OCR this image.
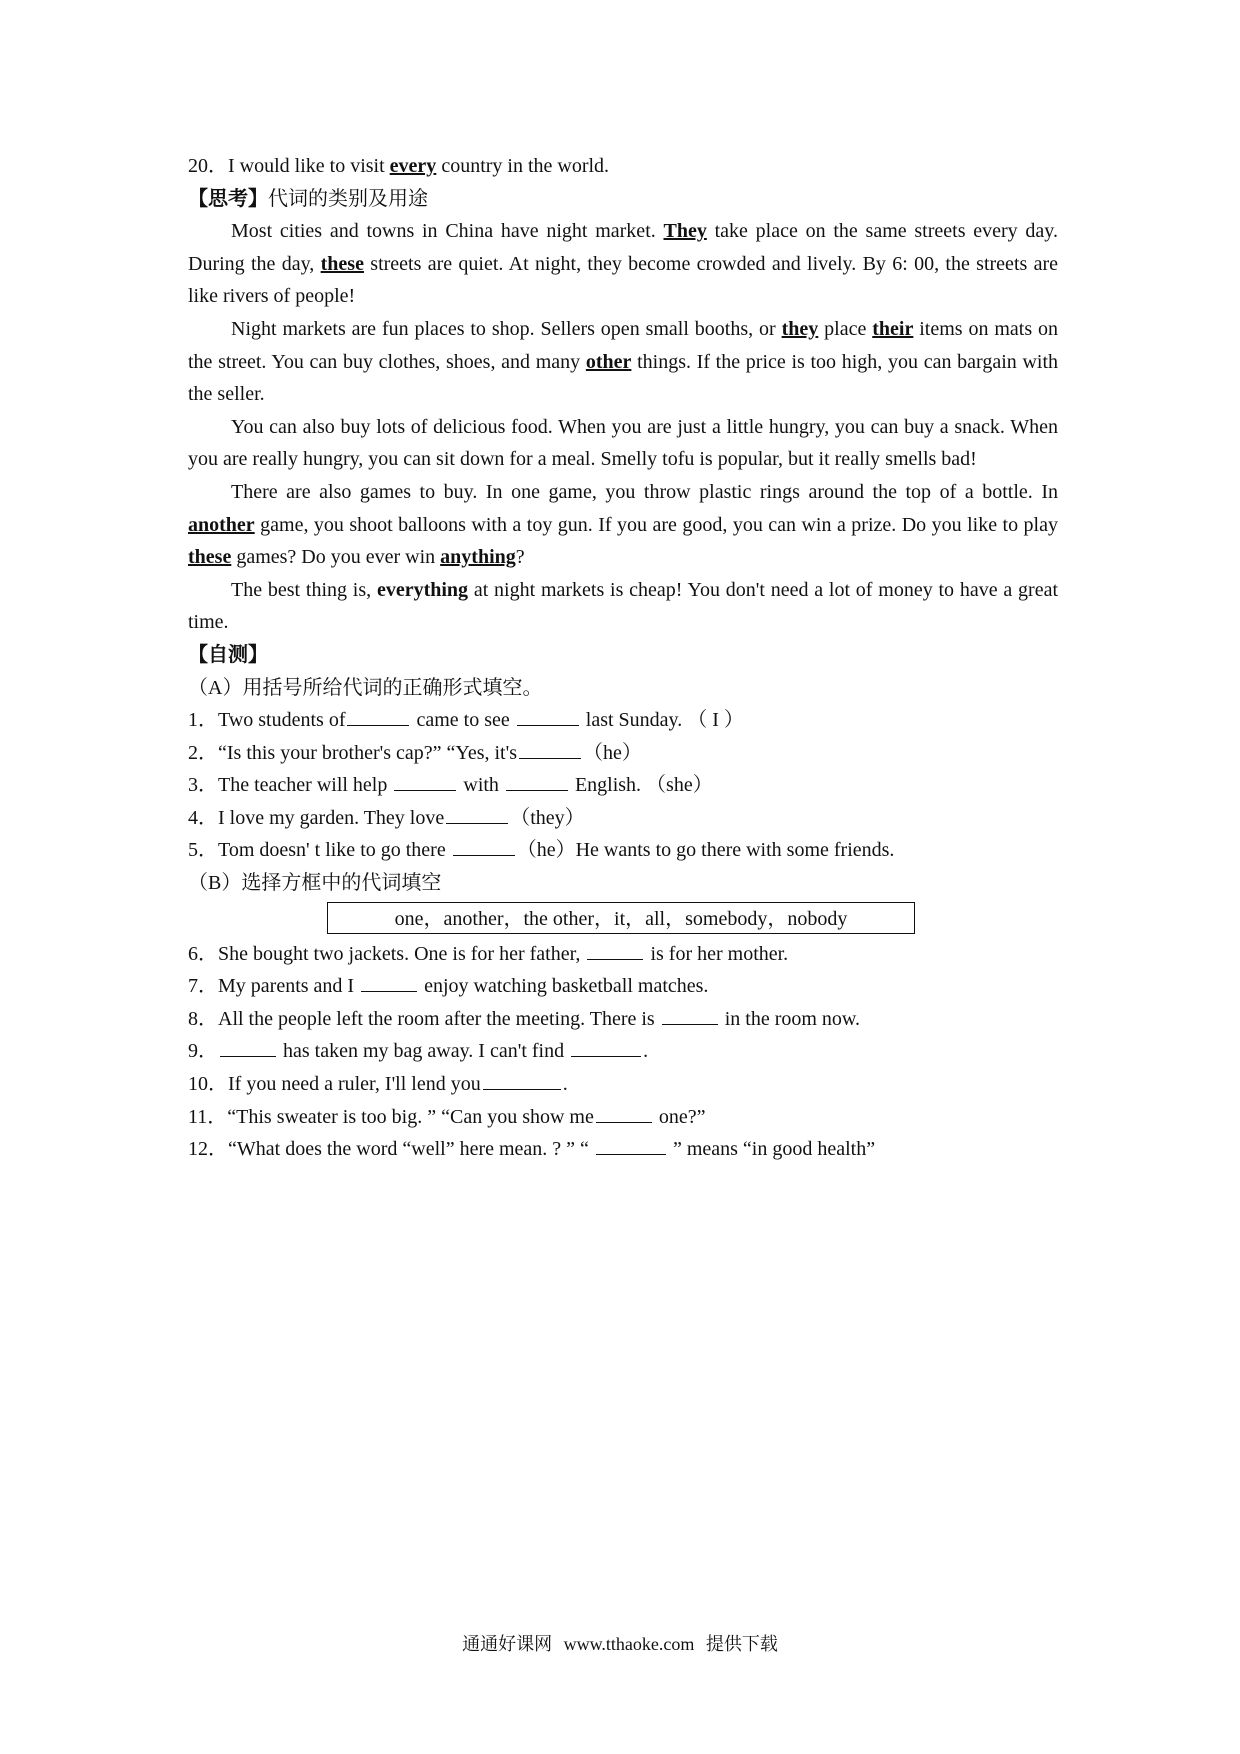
20．I would like to visit every country in the world.
【思考】代词的类别及用途
Most cities and towns in China have night market. They take place on the same streets every day. During the day, these streets are quiet. At night, they become crowded and lively. By 6: 00, the streets are like rivers of people!
Night markets are fun places to shop. Sellers open small booths, or they place their items on mats on the street. You can buy clothes, shoes, and many other things. If the price is too high, you can bargain with the seller.
You can also buy lots of delicious food. When you are just a little hungry, you can buy a snack. When you are really hungry, you can sit down for a meal. Smelly tofu is popular, but it really smells bad!
There are also games to buy. In one game, you throw plastic rings around the top of a bottle. In another game, you shoot balloons with a toy gun. If you are good, you can win a prize. Do you like to play these games? Do you ever win anything?
The best thing is, everything at night markets is cheap! You don't need a lot of money to have a great time.
【自测】
（A）用括号所给代词的正确形式填空。
1．Two students of	came to see	last Sunday. （ I ）
2．“Is this your brother's cap?” “Yes, it's	（he）
3．The teacher will help	with	English. （she）
4．I love my garden. They love	（they）
5．Tom doesn' t like to go there	（he）He wants to go there with some friends.
（B）选择方框中的代词填空
one，another，the other，it，all，somebody，nobody
6．She bought two jackets. One is for her father,	is for her mother.
7．My parents and I	enjoy watching basketball matches.
8．All the people left the room after the meeting. There is	in the room now.
9．	has taken my bag away. I can't find	.
10．If you need a ruler, I'll lend you	.
11．“This sweater is too big. ” “Can you show me	one?”
12．“What does the word “well” here mean. ? ” “	” means “in good health”
通通好课网 www.tthaoke.com 提供下载
